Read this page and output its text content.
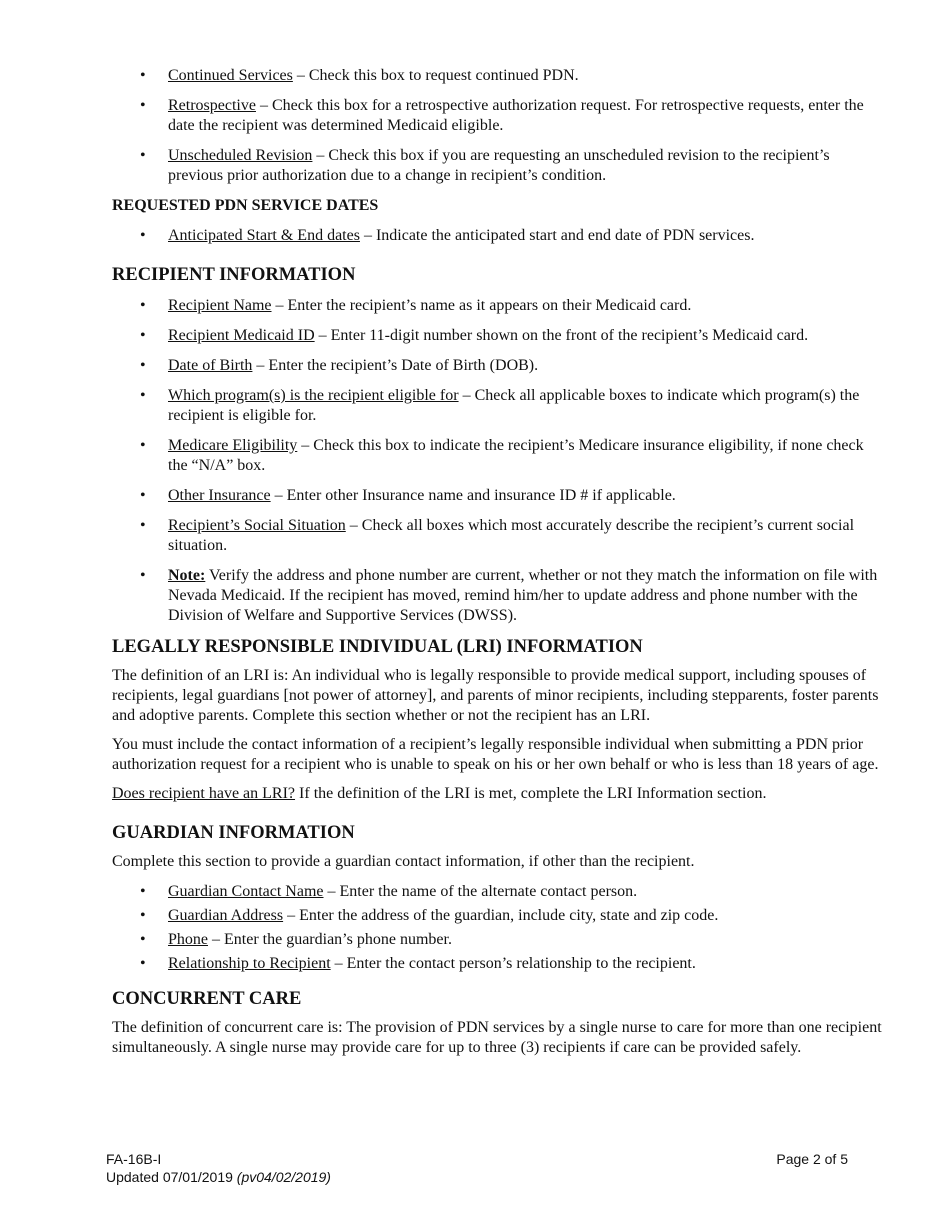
• Continued Services – Check this box to request continued PDN.
• Retrospective – Check this box for a retrospective authorization request. For retrospective requests, enter the date the recipient was determined Medicaid eligible.
• Unscheduled Revision – Check this box if you are requesting an unscheduled revision to the recipient’s previous prior authorization due to a change in recipient’s condition.
REQUESTED PDN SERVICE DATES
• Anticipated Start & End dates – Indicate the anticipated start and end date of PDN services.
RECIPIENT INFORMATION
• Recipient Name – Enter the recipient’s name as it appears on their Medicaid card.
• Recipient Medicaid ID – Enter 11-digit number shown on the front of the recipient’s Medicaid card.
• Date of Birth – Enter the recipient’s Date of Birth (DOB).
• Which program(s) is the recipient eligible for – Check all applicable boxes to indicate which program(s) the recipient is eligible for.
• Medicare Eligibility – Check this box to indicate the recipient’s Medicare insurance eligibility, if none check the “N/A” box.
• Other Insurance – Enter other Insurance name and insurance ID # if applicable.
• Recipient’s Social Situation – Check all boxes which most accurately describe the recipient’s current social situation.
• Note: Verify the address and phone number are current, whether or not they match the information on file with Nevada Medicaid. If the recipient has moved, remind him/her to update address and phone number with the Division of Welfare and Supportive Services (DWSS).
LEGALLY RESPONSIBLE INDIVIDUAL (LRI) INFORMATION

The definition of an LRI is: An individual who is legally responsible to provide medical support, including spouses of recipients, legal guardians [not power of attorney], and parents of minor recipients, including stepparents, foster parents and adoptive parents. Complete this section whether or not the recipient has an LRI.

You must include the contact information of a recipient’s legally responsible individual when submitting a PDN prior authorization request for a recipient who is unable to speak on his or her own behalf or who is less than 18 years of age.

Does recipient have an LRI? If the definition of the LRI is met, complete the LRI Information section.

GUARDIAN INFORMATION

Complete this section to provide a guardian contact information, if other than the recipient.

• Guardian Contact Name – Enter the name of the alternate contact person.
• Guardian Address – Enter the address of the guardian, include city, state and zip code.
• Phone – Enter the guardian’s phone number.
• Relationship to Recipient – Enter the contact person’s relationship to the recipient.
CONCURRENT CARE

The definition of concurrent care is: The provision of PDN services by a single nurse to care for more than one recipient simultaneously. A single nurse may provide care for up to three (3) recipients if care can be provided safely.

FA-16B-I
Updated 07/01/2019 (pv04/02/2019)
Page 2 of 5
